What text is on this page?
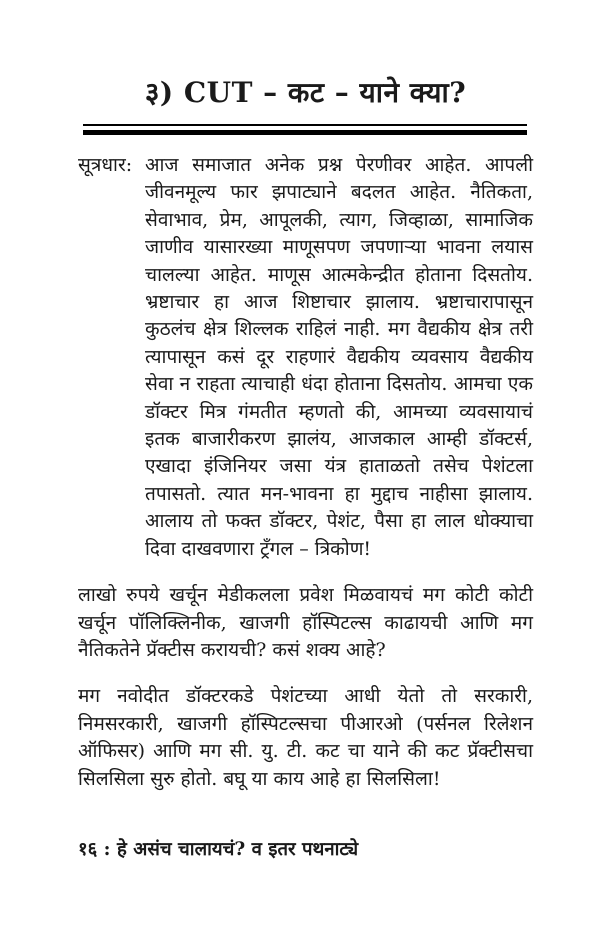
३) CUT – कट – याने क्या?
सूत्रधार: आज समाजात अनेक प्रश्न पेरणीवर आहेत. आपली जीवनमूल्य फार झपाट्याने बदलत आहेत. नैतिकता, सेवाभाव, प्रेम, आपूलकी, त्याग, जिव्हाळा, सामाजिक जाणीव यासारख्या माणूसपण जपणाऱ्या भावना लयास चालल्या आहेत. माणूस आत्मकेन्द्रीत होताना दिसतोय. भ्रष्टाचार हा आज शिष्टाचार झालाय. भ्रष्टाचारापासून कुठलंच क्षेत्र शिल्लक राहिलं नाही. मग वैद्यकीय क्षेत्र तरी त्यापासून कसं दूर राहणारं वैद्यकीय व्यवसाय वैद्यकीय सेवा न राहता त्याचाही धंदा होताना दिसतोय. आमचा एक डॉक्टर मित्र गंमतीत म्हणतो की, आमच्या व्यवसायाचं इतक बाजारीकरण झालंय, आजकाल आम्ही डॉक्टर्स, एखादा इंजिनियर जसा यंत्र हाताळतो तसेच पेशंटला तपासतो. त्यात मन-भावना हा मुद्दाच नाहीसा झालाय. आलाय तो फक्त डॉक्टर, पेशंट, पैसा हा लाल धोक्याचा दिवा दाखवणारा ट्रँगल – त्रिकोण!
लाखो रुपये खर्चून मेडीकलला प्रवेश मिळवायचं मग कोटी कोटी खर्चून पॉलिक्लिनीक, खाजगी हॉस्पिटल्स काढायची आणि मग नैतिकतेने प्रॅक्टीस करायची? कसं शक्य आहे?
मग नवोदीत डॉक्टरकडे पेशंटच्या आधी येतो तो सरकारी, निमसरकारी, खाजगी हॉस्पिटल्सचा पीआरओ (पर्सनल रिलेशन ऑफिसर) आणि मग सी. यु. टी. कट चा याने की कट प्रॅक्टीसचा सिलसिला सुरु होतो. बघू या काय आहे हा सिलसिला!
१६ : हे असंच चालायचं? व इतर पथनाट्ये
